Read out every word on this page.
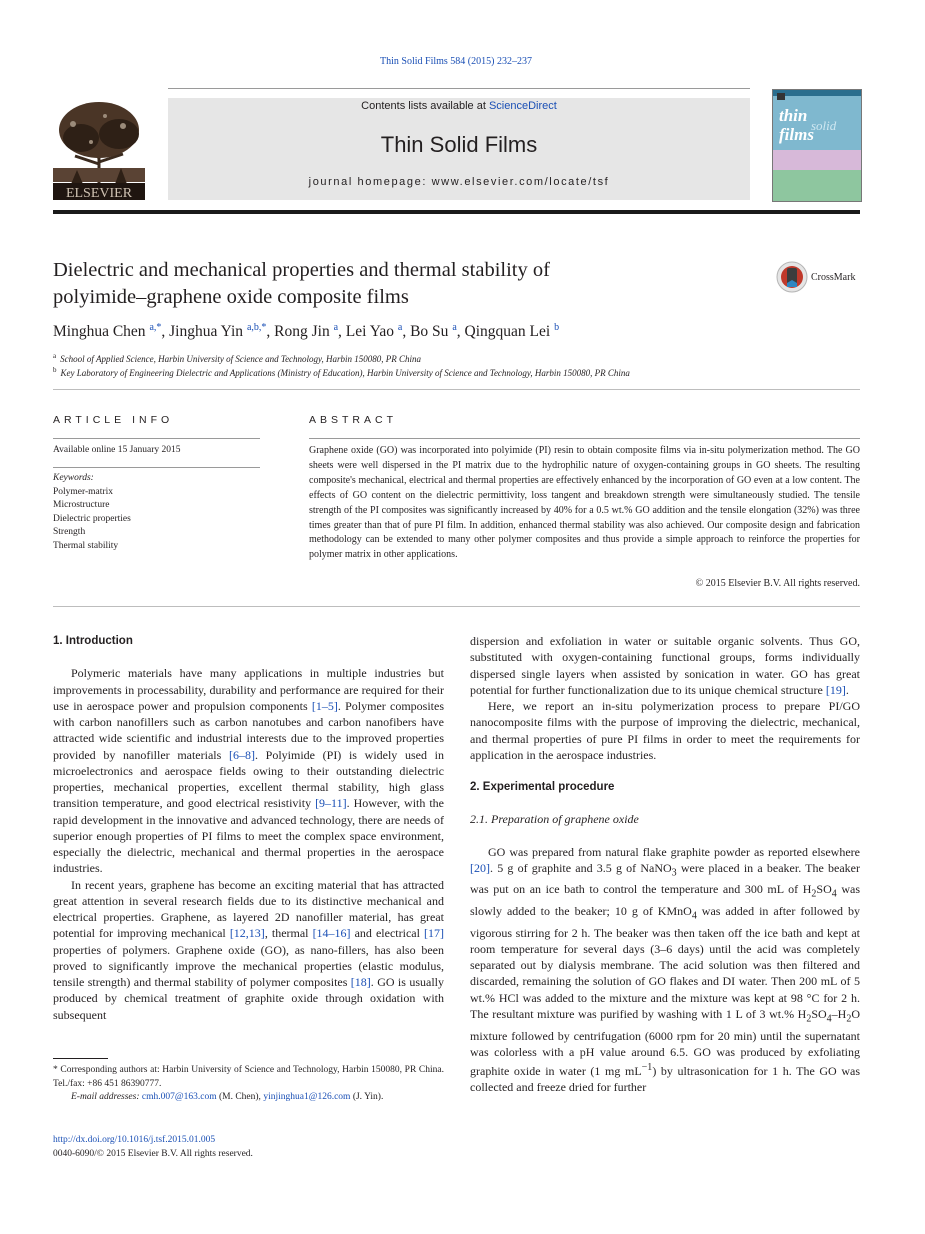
Thin Solid Films 584 (2015) 232–237
ELSEVIER
Contents lists available at ScienceDirect
Thin Solid Films
journal homepage: www.elsevier.com/locate/tsf
thin
solid
films
Dielectric and mechanical properties and thermal stability of
polyimide–graphene oxide composite films
CrossMark
Minghua Chen $^{a,*}$, Jinghua Yin $^{a,b,*}$, Rong Jin $^a$, Lei Yao $^a$, Bo Su $^a$, Qingquan Lei $^b$
$^a$ School of Applied Science, Harbin University of Science and Technology, Harbin 150080, PR China
$^b$ Key Laboratory of Engineering Dielectric and Applications (Ministry of Education), Harbin University of Science and Technology, Harbin 150080, PR China
ARTICLE INFO	ABSTRACT
Available online 15 January 2015
Keywords:
Polymer-matrix
Microstructure
Dielectric properties
Strength
Thermal stability

Graphene oxide (GO) was incorporated into polyimide (PI) resin to obtain composite films via in-situ polymerization method. The GO sheets were well dispersed in the PI matrix due to the hydrophilic nature of oxygen-containing groups in GO sheets. The resulting composite's mechanical, electrical and thermal properties are effectively enhanced by the incorporation of GO even at a low content. The effects of GO content on the dielectric permittivity, loss tangent and breakdown strength were simultaneously studied. The tensile strength of the PI composites was significantly increased by 40% for a 0.5 wt.% GO addition and the tensile elongation (32%) was three times greater than that of pure PI film. In addition, enhanced thermal stability was also achieved. Our composite design and fabrication methodology can be extended to many other polymer composites and thus provide a simple approach to reinforce the properties for polymer matrix in other applications.

© 2015 Elsevier B.V. All rights reserved.

1. Introduction

Polymeric materials have many applications in multiple industries but improvements in processability, durability and performance are required for their use in aerospace power and propulsion components [1–5]. Polymer composites with carbon nanofillers such as carbon nanotubes and carbon nanofibers have attracted wide scientific and industrial interests due to the improved properties provided by nanofiller materials [6–8]. Polyimide (PI) is widely used in microelectronics and aerospace fields owing to their outstanding dielectric properties, mechanical properties, excellent thermal stability, high glass transition temperature, and good electrical resistivity [9–11]. However, with the rapid development in the innovative and advanced technology, there are needs of superior enough properties of PI films to meet the complex space environment, especially the dielectric, mechanical and thermal properties in the aerospace industries.

In recent years, graphene has become an exciting material that has attracted great attention in several research fields due to its distinctive mechanical and electrical properties. Graphene, as layered 2D nanofiller material, has great potential for improving mechanical [12,13], thermal [14–16] and electrical [17] properties of polymers. Graphene oxide (GO), as nano-fillers, has also been proved to significantly improve the mechanical properties (elastic modulus, tensile strength) and thermal stability of polymer composites [18]. GO is usually produced by chemical treatment of graphite oxide through oxidation with subsequent

dispersion and exfoliation in water or suitable organic solvents. Thus GO, substituted with oxygen-containing functional groups, forms individually dispersed single layers when assisted by sonication in water. GO has great potential for further functionalization due to its unique chemical structure [19].

Here, we report an in-situ polymerization process to prepare PI/GO nanocomposite films with the purpose of improving the dielectric, mechanical, and thermal properties of pure PI films in order to meet the requirements for application in the aerospace industries.

2. Experimental procedure

2.1. Preparation of graphene oxide

GO was prepared from natural flake graphite powder as reported elsewhere [20]. 5 g of graphite and 3.5 g of NaNO$_3$ were placed in a beaker. The beaker was put on an ice bath to control the temperature and 300 mL of $H_2SO_4$ was slowly added to the beaker; 10 g of KMnO$_4$ was added in after followed by vigorous stirring for 2 h. The beaker was then taken off the ice bath and kept at room temperature for several days (3–6 days) until the acid was completely separated out by dialysis membrane. The acid solution was then filtered and discarded, remaining the solution of GO flakes and DI water. Then 200 mL of 5 wt.% HCl was added to the mixture and the mixture was kept at 98 °C for 2 h. The resultant mixture was purified by washing with 1 L of 3 wt.% $H_2SO_4-H_2O$ mixture followed by centrifugation (6000 rpm for 20 min) until the supernatant was colorless with a pH value around 6.5. GO was produced by exfoliating graphite oxide in water (1 mg $mL^{-1}$) by ultrasonication for 1 h. The GO was collected and freeze dried for further

* Corresponding authors at: Harbin University of Science and Technology, Harbin 150080, PR China. Tel./fax: +86 451 86390777.
E-mail addresses: cmh.007@163.com (M. Chen), yinjinghua1@126.com (J. Yin).
http://dx.doi.org/10.1016/j.tsf.2015.01.005
0040-6090/© 2015 Elsevier B.V. All rights reserved.
